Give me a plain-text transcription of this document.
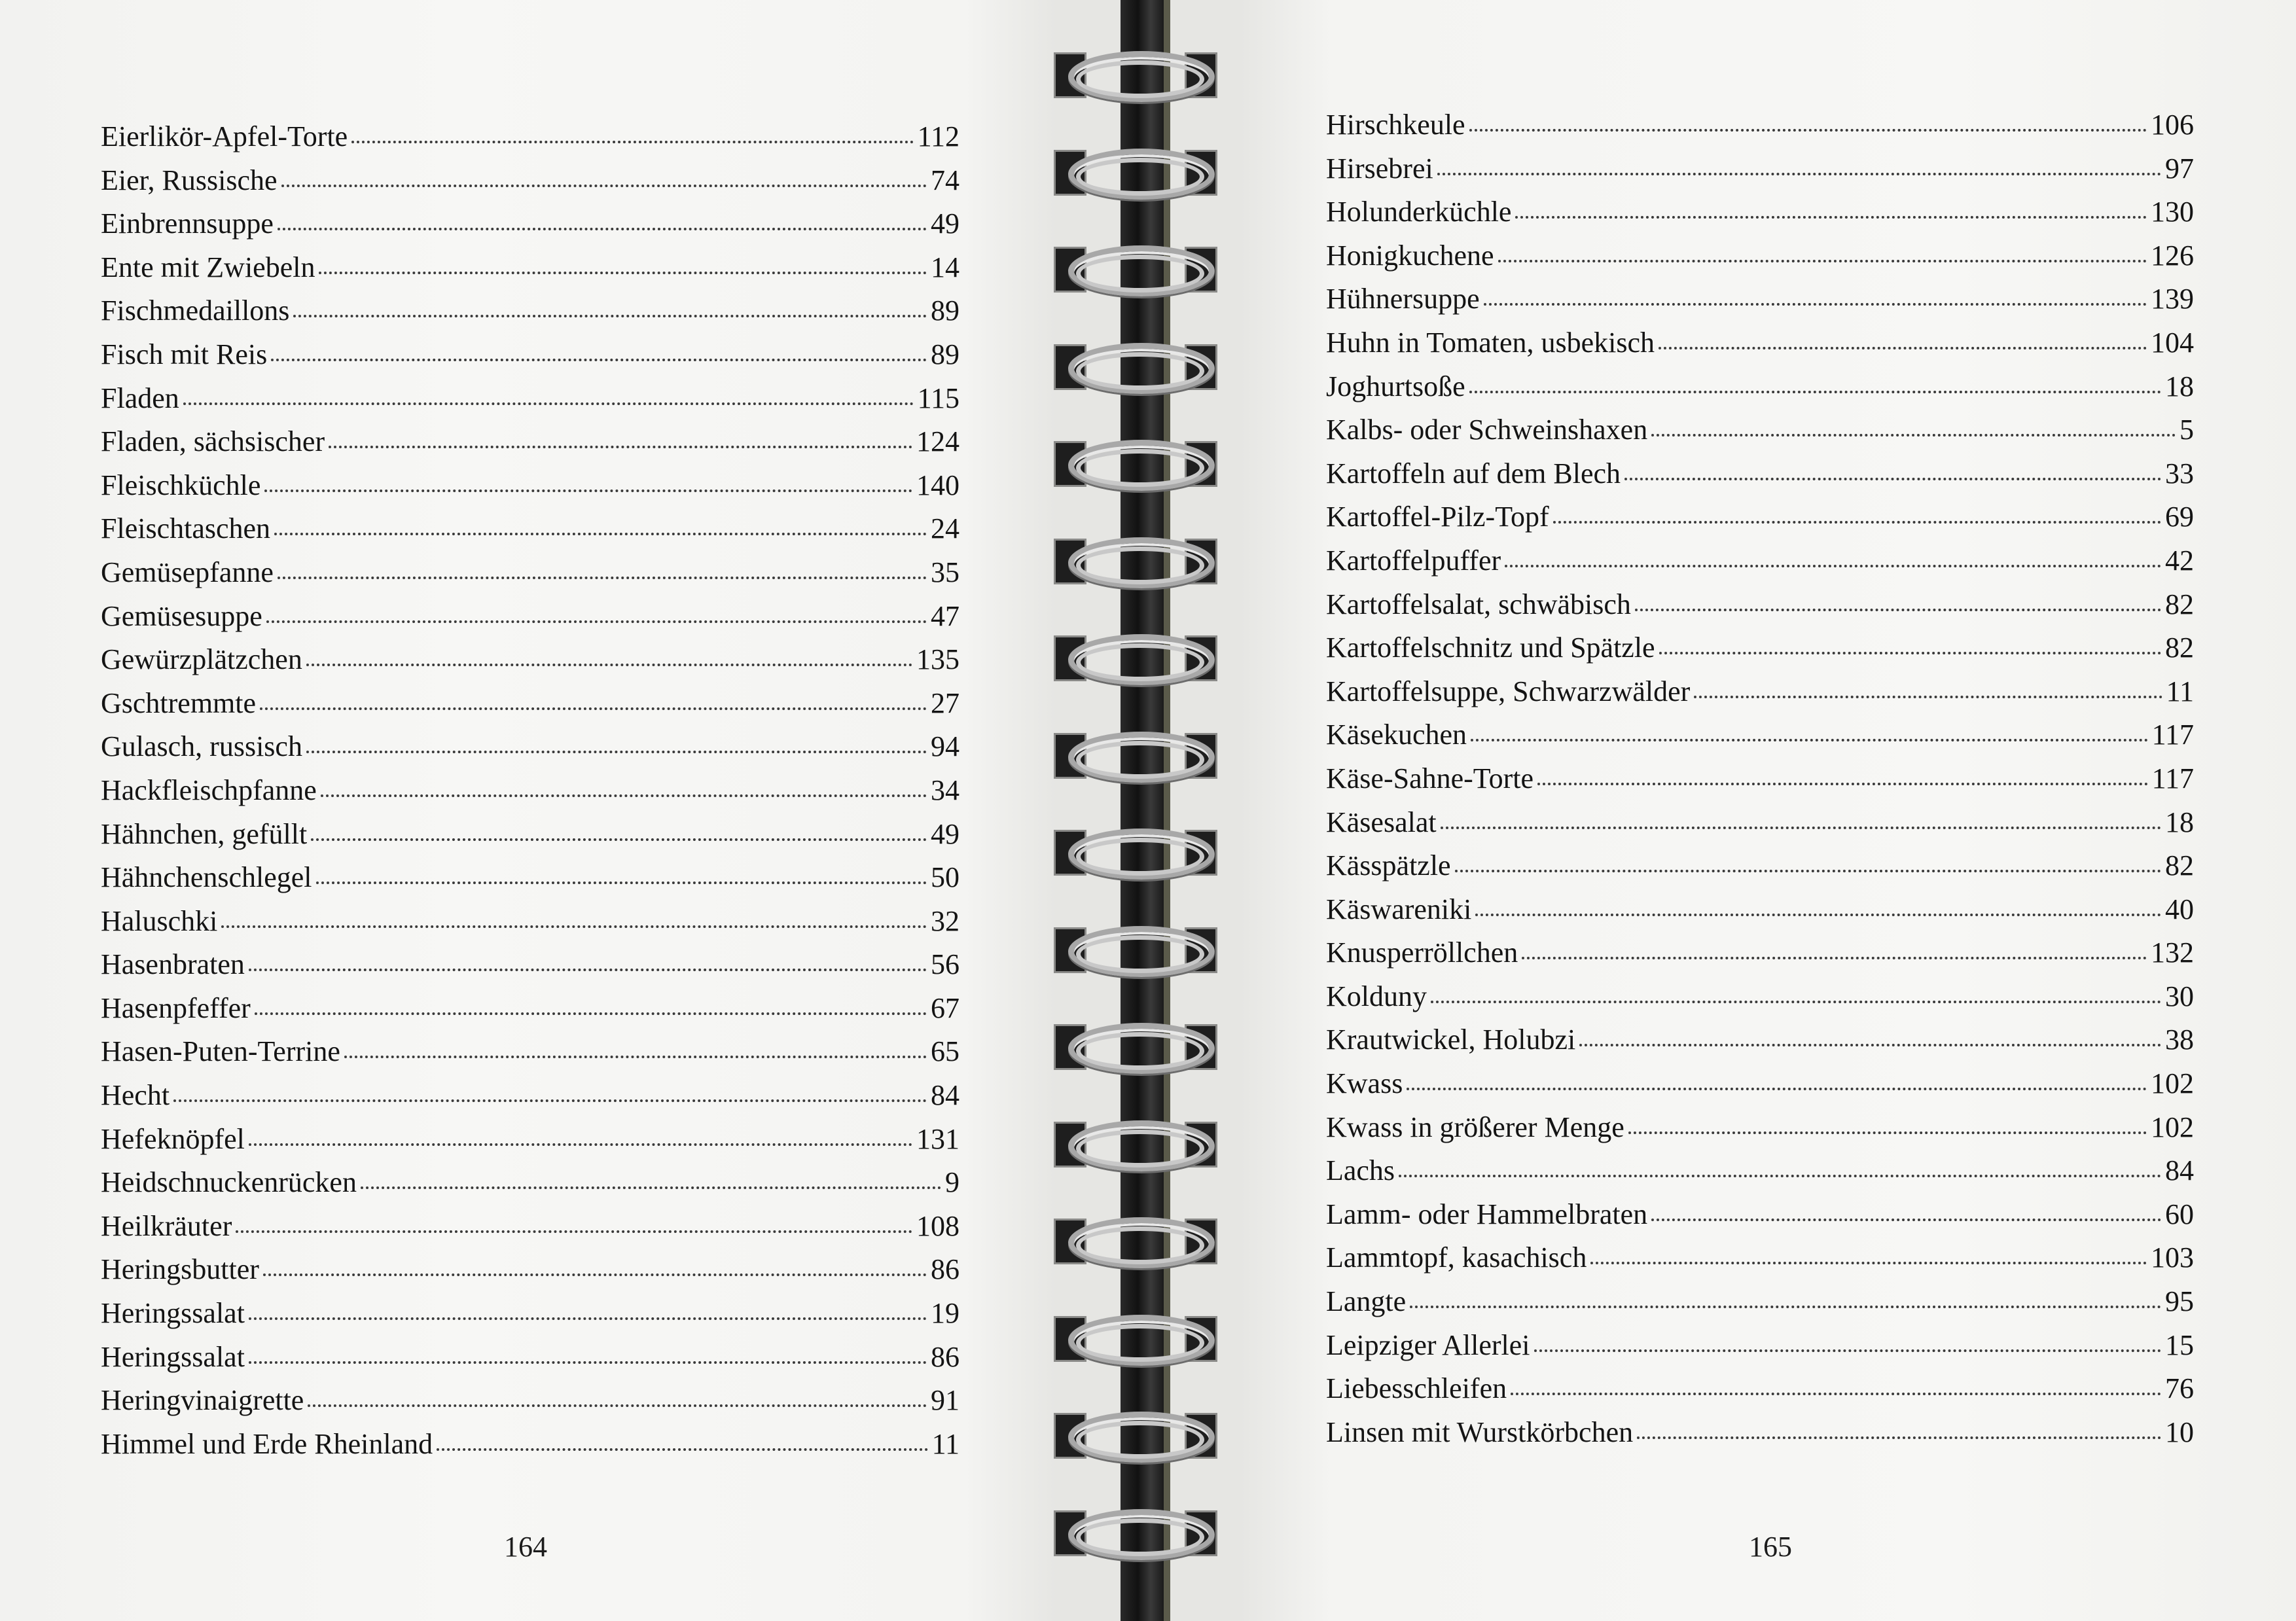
Eierlikör-Apfel-Torte	112
Eier, Russische	74
Einbrennsuppe	49
Ente mit Zwiebeln	14
Fischmedaillons	89
Fisch mit Reis	89
Fladen	115
Fladen, sächsischer	124
Fleischküchle	140
Fleischtaschen	24
Gemüsepfanne	35
Gemüsesuppe	47
Gewürzplätzchen	135
Gschtremmte	27
Gulasch, russisch	94
Hackfleischpfanne	34
Hähnchen, gefüllt	49
Hähnchenschlegel	50
Haluschki	32
Hasenbraten	56
Hasenpfeffer	67
Hasen-Puten-Terrine	65
Hecht	84
Hefeknöpfel	131
Heidschnuckenrücken	9
Heilkräuter	108
Heringsbutter	86
Heringssalat	19
Heringssalat	86
Heringvinaigrette	91
Himmel und Erde Rheinland	11
164
Hirschkeule	106
Hirsebrei	97
Holunderküchle	130
Honigkuchene	126
Hühnersuppe	139
Huhn in Tomaten, usbekisch	104
Joghurtsoße	18
Kalbs- oder Schweinshaxen	5
Kartoffeln auf dem Blech	33
Kartoffel-Pilz-Topf	69
Kartoffelpuffer	42
Kartoffelsalat, schwäbisch	82
Kartoffelschnitz und Spätzle	82
Kartoffelsuppe, Schwarzwälder	11
Käsekuchen	117
Käse-Sahne-Torte	117
Käsesalat	18
Kässpätzle	82
Käswareniki	40
Knusperröllchen	132
Kolduny	30
Krautwickel, Holubzi	38
Kwass	102
Kwass in größerer Menge	102
Lachs	84
Lamm- oder Hammelbraten	60
Lammtopf, kasachisch	103
Langte	95
Leipziger Allerlei	15
Liebesschleifen	76
Linsen mit Wurstkörbchen	10
165
